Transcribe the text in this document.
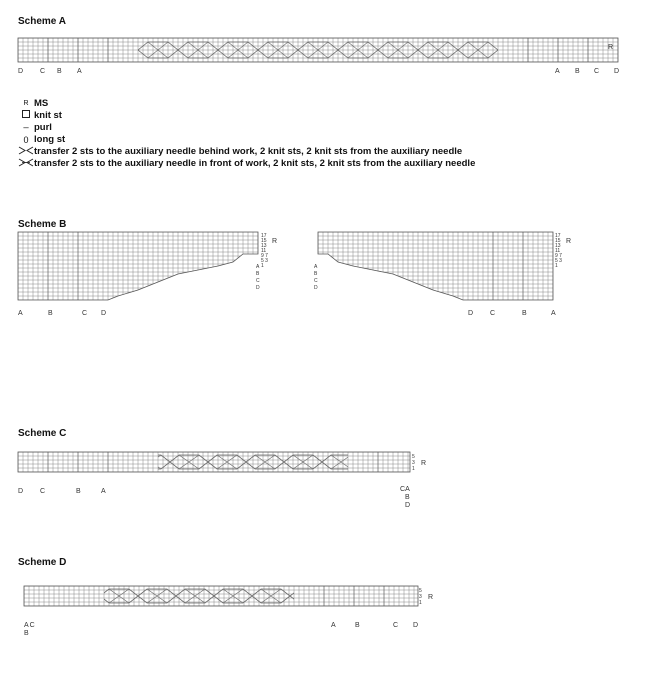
Scheme A
R
D C B A	A B C D
R MS
knit st
– purl
0 long st
transfer 2 sts to the auxiliary needle behind work, 2 knit sts, 2 knit sts from the auxiliary needle
transfer 2 sts to the auxiliary needle in front of work, 2 knit sts, 2 knit sts from the auxiliary needle
Scheme B
17 15 13 11 9 7 5 3 1
R
A
B
C
D
A	B	C D
17 15 13 11 9 7 5 3 1
R
A
B
C
D
D C	B	A
Scheme C
5
3
1
R
D C	B	A	CA
B
D
Scheme D
5
3
1
R
AC
B
A	B	C D
